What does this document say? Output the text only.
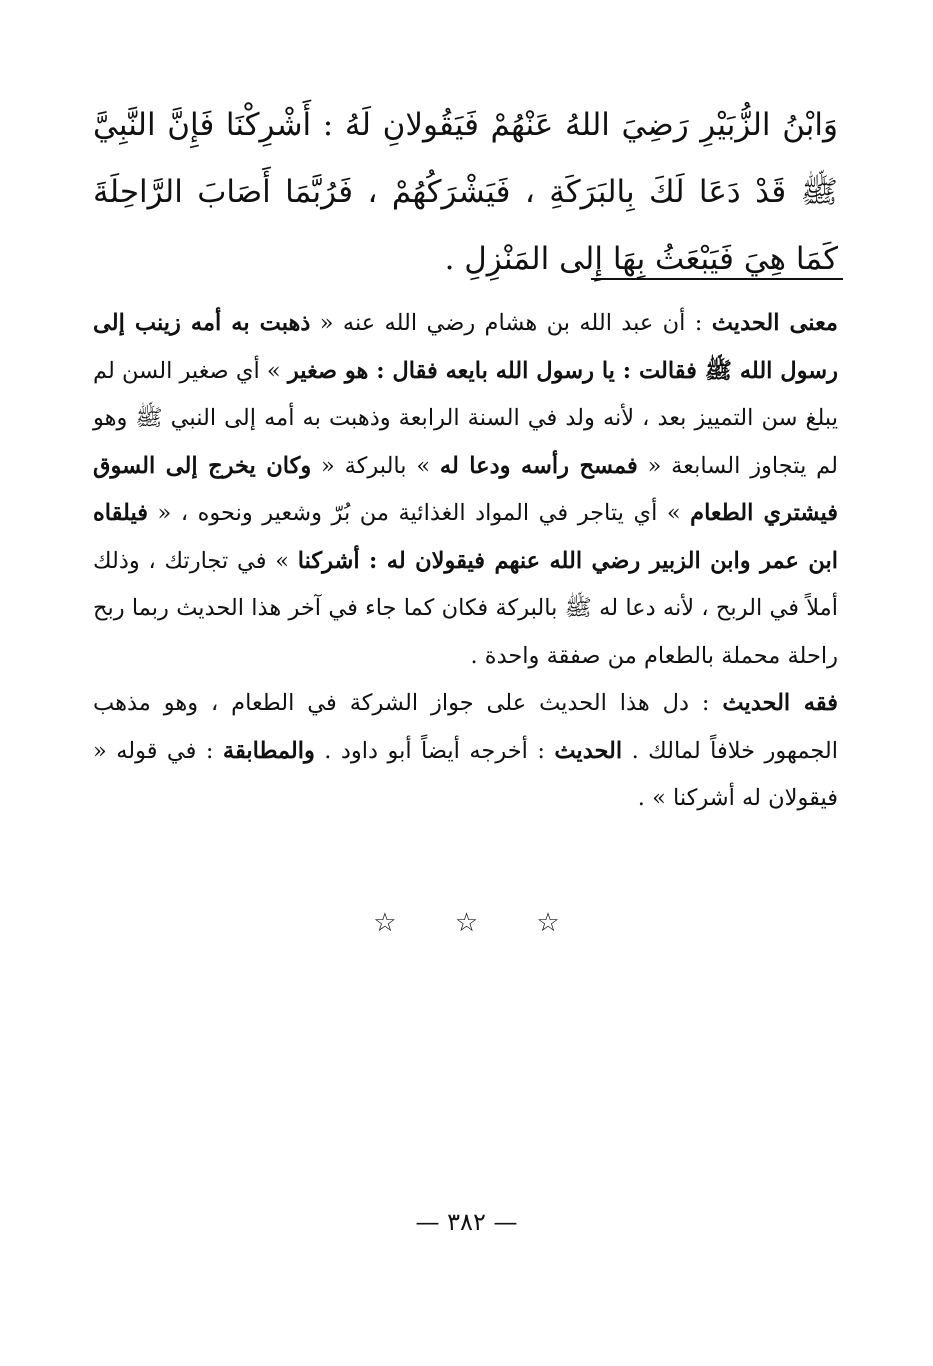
وَابْنُ الزُّبَيْرِ رَضِيَ اللهُ عَنْهُمْ فَيَقُولانِ لَهُ : أَشْرِكْنَا فَإِنَّ النَّبِيَّ ﷺ قَدْ دَعَا لَكَ بِالبَرَكَةِ ، فَيَشْرَكُهُمْ ، فَرُبَّمَا أَصَابَ الرَّاحِلَةَ كَمَا هِيَ فَيَبْعَثُ بِهَا إِلى المَنْزِلِ .

معنى الحديث : أن عبد الله بن هشام رضي الله عنه « ذهبت به أمه زينب إلى رسول الله ﷺ فقالت : يا رسول الله بايعه فقال : هو صغير » أي صغير السن لم يبلغ سن التمييز بعد ، لأنه ولد في السنة الرابعة وذهبت به أمه إلى النبي ﷺ وهو لم يتجاوز السابعة « فمسح رأسه ودعا له » بالبركة « وكان يخرج إلى السوق فيشتري الطعام » أي يتاجر في المواد الغذائية من بُرّ وشعير ونحوه ، « فيلقاه ابن عمر وابن الزبير رضي الله عنهم فيقولان له : أشركنا » في تجارتك ، وذلك أملاً في الربح ، لأنه دعا له ﷺ بالبركة فكان كما جاء في آخر هذا الحديث ربما ربح راحلة محملة بالطعام من صفقة واحدة .

فقه الحديث : دل هذا الحديث على جواز الشركة في الطعام ، وهو مذهب الجمهور خلافاً لمالك . الحديث : أخرجه أيضاً أبو داود . والمطابقة : في قوله « فيقولان له أشركنا » .

☆ ☆ ☆
— ٣٨٢ —
